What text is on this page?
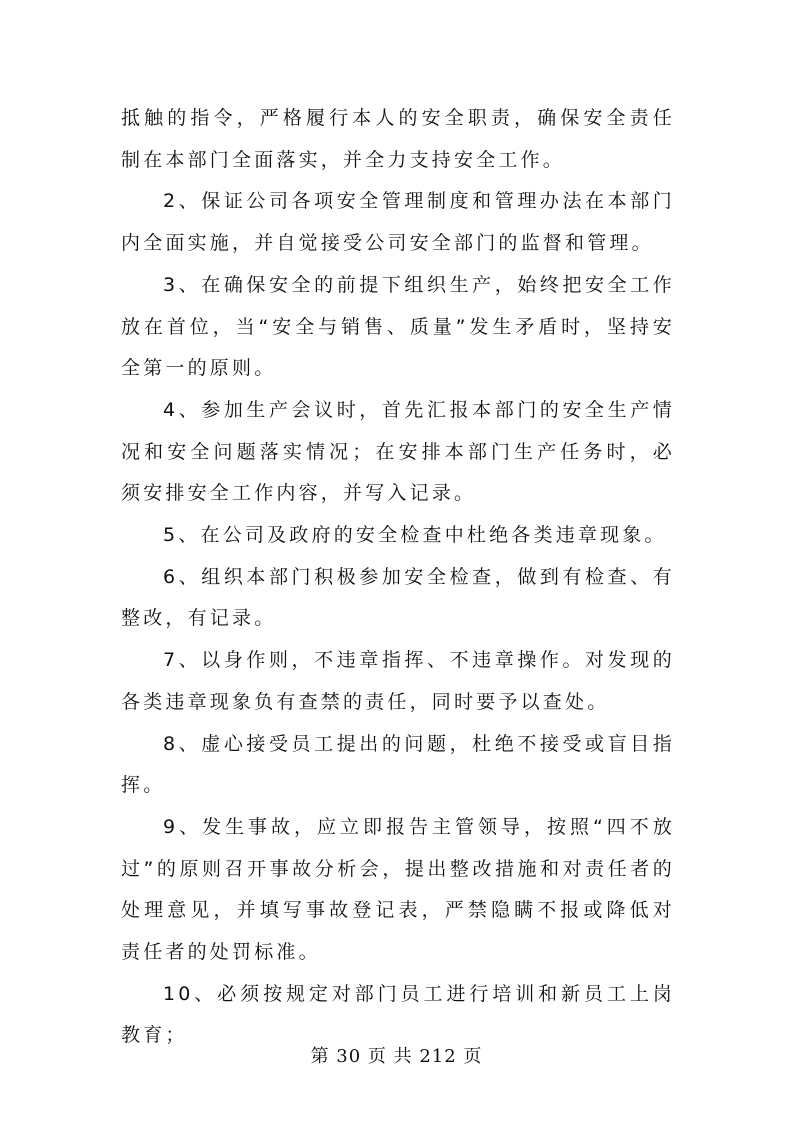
抵触的指令，严格履行本人的安全职责，确保安全责任制在本部门全面落实，并全力支持安全工作。

2、保证公司各项安全管理制度和管理办法在本部门内全面实施，并自觉接受公司安全部门的监督和管理。

3、在确保安全的前提下组织生产，始终把安全工作放在首位，当“安全与销售、质量”发生矛盾时，坚持安全第一的原则。

4、参加生产会议时，首先汇报本部门的安全生产情况和安全问题落实情况；在安排本部门生产任务时，必须安排安全工作内容，并写入记录。

5、在公司及政府的安全检查中杜绝各类违章现象。

6、组织本部门积极参加安全检查，做到有检查、有整改，有记录。

7、以身作则，不违章指挥、不违章操作。对发现的各类违章现象负有查禁的责任，同时要予以查处。

8、虚心接受员工提出的问题，杜绝不接受或盲目指挥。

9、发生事故，应立即报告主管领导，按照“四不放过”的原则召开事故分析会，提出整改措施和对责任者的处理意见，并填写事故登记表，严禁隐瞒不报或降低对责任者的处罚标准。

10、必须按规定对部门员工进行培训和新员工上岗教育；

第 30 页 共 212 页
